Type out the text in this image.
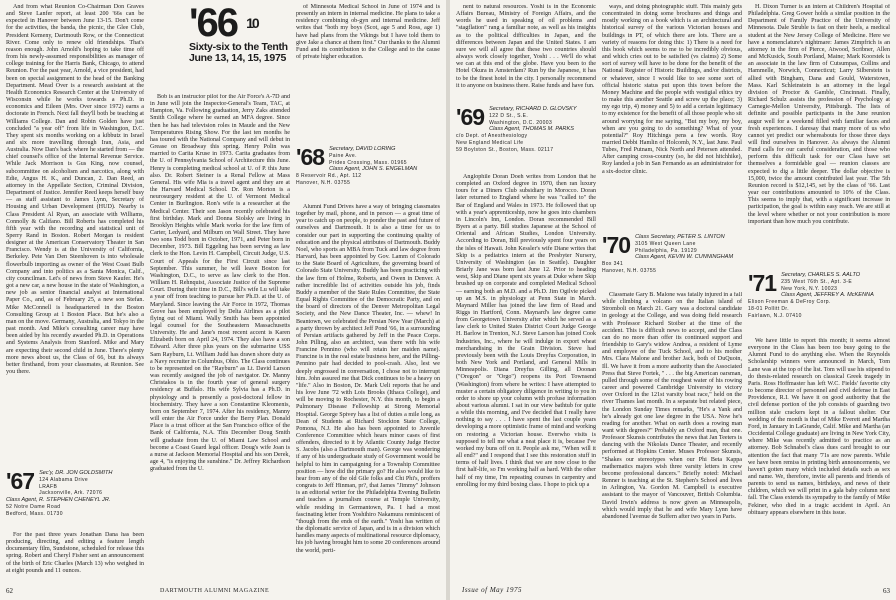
And from what Reunion Co-Chairman Don Graves and Steve Lanfer report, at least 200 '66s can be expected in Hanover between June 13-15. Don't come for the activities, the banda, the picnic, the Glee Club, President Kemeny, Dartmouth Row, or the Connecticut River. Come only to renew old friendships. That's reason enough. John Arnold's hoping to take time off from his newly-assumed responsibilities as manager of college training for the Harris Bank, Chicago, to attend Reunion. For the past year, Arnold, a vice president, had been on special assignment to the head of the Banking Department. Mead Over is a research assistant at the Health Economics Research Center at the University of Wisconsin while he works towards a Ph.D. in economics and Eileen (Mrs. Over since 1972) earns a doctorate in French. Next fall they'll both be teaching at Williams College. Dan and Robin Golden have just concluded "a year off" from life in Washington, D.C. They spent six months working on a kibbutz in Israel and six more travelling through Iran, Asia, and Australia. Now Dan's back where he started from — the chief counsel's office of the Internal Revenue Service. While Jack Morrison is Gus King, now counsel, subcommittee on alcoholism and narcotics, along with Edie, Angus H. K., and Duncan, 2. Dan Reed, an attorney in the Appellate Section, Criminal Division, Department of Justice. Jennifer Reed keeps herself busy — as staff assistant to James Lynn, Secretary of Housing and Urban Development (HUD). Nearby is Class President Al Ryan, an associate with Williams, Connolly & Califano. Bill Roberts has completed his fifth year with the recording and statistical unit of Sperry Rand in Boston. Robert Morgan is resident designer at the American Conservatory Theater in San Francisco. Wendy is at the University of California, Berkeley. Pete Van Den Steenhoven is into wholesale flowerbulb importing as owner of the West Coast Bulb Company and into politics as a Santa Monica, Calif., city councilman. Let's of news from Steve Kaufer. He's got a new car, a new house in the state of Washington, a new job as senior financial analyst at International Paper Co., and, as of February 25, a new son Stefan. Mike McConnell is headquartered in the Boston Consulting Group at 1 Boston Place. But he's also a man on the move. Germany, Australia, and Tokyo in the past month. And Mike's consulting career may have been aided by his recently awarded Ph.D. in Operations and Systems Analysis from Stanford. Mike and Mary are expecting their second child in June. There's plenty more news about us, the Class of 66, but its always better firsthand, from your classmates, at Reunion. See you there.

'67 Sec'y, DR. JON GOLDSMITH
124 Alabama Drive
LRAFB
Jacksonville, Ark. 72076
Class Agent, R. STEPHEN CHENEYL JR.
52 Notre Dame Road
Bedford, Mass. 01730

For the past three years Jonathan Dana has been producing, directing, and editing a feature length documentary film, Sundstone, scheduled for release this spring. Robert and Cheryl Fisher sent an announcement of the birth of Eric Charles (March 13) who weighed in at eight pounds and 11 ounces.

'66 10
Sixty-six to the Tenth
June 13, 14, 15, 1975

Bob is an instructor pilot for the Air Force's A-7D and in June will join the Inspector-General's Team, TAC, at Hampton, Va. Following graduation, Jerry Zaks attended Smith College where he earned an MFA degree. Since then he has had television roles in Maude and the New Temperatures Rising Show. For the last ten months he has toured with the National Company and will debut in Grease on Broadway this spring. Henry Polin was married to Carita Kruse in 1973. Carita graduates from the U. of Pennsylvania School of Architecture this June. Henry is completing medical school at U. of P. this June also. Dr. Robert Steiner is a Renal Fellow at Mass General. His wife Mia is a travel agent and they are at the Harvard Medical School. Dr. Ron Morton is a neurosurgery resident at the U. of Vermont Medical Center in Burlington. Ron's wife is a researcher at the Medical Center. Their son Jason recently celebrated his first birthday. Mark and Donna Siolsky are living in Brooklyn Heights while Mark works for the law firm of Carter, Ledyard, and Milburn on Wall Street. They have two sons Todd born in October, 1971, and Peter born in December, 1973. Bill Eggeling has been serving as law clerk to the Hon. Levin H. Campbell, Circuit Judge, U.S. Court of Appeals for the First Circuit since last September. This summer, he will leave Boston for Washington, D.C., to serve as law clerk to the Hon. William H. Rehnquist, Associate Justice of the Supreme Court. During their time in D.C., Bill's wife Lu will take a year off from teaching to pursue her Ph.D. at the U. of Maryland. Since leaving the Air Force in 1972, Thomas Grove has been employed by Delta Airlines as a pilot flying out of Miami. Wally Smith has been appointed legal counsel for the Southeastern Massachusetts University. He and Jane's most recent accent is Karen Elizabeth born on April 24, 1974. They also have a son Edward. After three plus years on the submarine USS Sam Rayburn, Lt. William Judd has drawn shore duty as a Navy recruiter in Columbus, Ohio. The Class continues to be represented on the "Rayburn" as Lt. David Larson was recently assigned the job of navigator. Dr. Manny Christakos is in the fourth year of general surgery residency at Buffalo. His wife Sylvia has a Ph.D. in physiology and is presently a post-doctoral fellow in biochemistry. They have a son Constantine Kleomenis, born on September 7, 1974. After his residency, Manny will enter the Air Force under the Berry Plan. Donald Place is a trust officer at the San Francisco office of the Bank of California, N.A. This December Doug Smith will graduate from the U. of Miami Law School and become a Coast Guard legal officer. Doug's wife Joan is a nurse at Jackson Memorial Hospital and his son Derek, age 4, "is enjoying the sunshine." Dr. Jeffrey Richardson graduated from the U.

of Minnesota Medical School in June of 1974 and is presently an intern in internal medicine. He plans to take a residency combining ob-gyn and internal medicine. Jeff writes that "both my boys (Scot, age 5 and Ross, age 1) have had plans from the Vikings but I have told them to give Jake a chance at them first." Our thanks to the Alumni Fund and its contribution to the College and to the cause of private higher education.

'68 Secretary, DAVID LORING
Paine Ave.
Prides Crossing, Mass. 01965
Class Agent, JOHN S. ENGELMAN
8 Reservoir Rd., Apt. 112
Hanover, N.H. 03755

Alumni Fund Drives have a way of bringing classmates together by mail, phone, and in person — a great time of year to catch up on people, to ponder the past and future of ourselves and Dartmouth. It is also a time for us to consider our part in supporting the continuing quality of education and the physical attributes of Dartmouth. Buddy Noel, who sports an MBA from Tuck and law degree from Harvard, has been appointed by Gov. Lamm of Colorado to the State Board of Agriculture, the governing board of Colorado State University. Buddy has been practicing with the law firm of Holme, Roberts, and Owen in Denver. A rather incredible list of activities outside his job, finds Buddy a member of the State Rules Committee, the State Equal Rights Committee of the Democratic Party, and on the board of directors of the Denver Metropolitan Legal Society, and the New Dance Theater, Inc. — whew! In Beantown, we celebrated the Persian New Year (March) at a party thrown by architect Jeff Pond '66, in a surrounding of Persian artifacts gathered by Jeff in the Peace Corps. John Pilling, also an architect, was there with his wife Francine Pennino (who will retain her maiden name). Francine is in the real estate business here, and the Pilling-Pennino pair had decided to pool-crash. Also, lest we deeply engrossed in conversation, I chose not to interrupt him. John assured me that Dick continues to be a heavy on "life." Also in Boston, Dr. Mark Ueli reports that he and his love June '72 with Lois Brooks (Ithaca College), and will be moving to Rochester, N.Y. this month, to begin a Pulmonary Disease Fellowship at Strong Memorial Hospital. George Spivey has a list of duties a mile long, as Dean of Students at Richard Stockton State College, Pomona, N.J. He also has been appointed to Juvenile Conference Committee which hears minor cases of first offenders, directed to it by Atlantic County Judge Hector S. Jacobs (also a Dartmouth man). George was wondering if any of his undergraduate study of Government would be helpful to him in campaigning for a Township Committee position — how did the primary go? He also would like to hear from any of the old Gile folks and Chi Phi's, proffers congrats to Jeff Hinman, pr?, that James "Jimmy" Johnson is an editorial writer for the Philadelphia Evening Bulletin and teaches a journalism course at Temple University, while residing in Germantown, Pa. I had a most fascinating letter from Yoshihiro Nakamura reminiscent of "though from the ends of the earth." Yoshi has written of the diplomatic service of Japan, and is in a division which handles many aspects of multinational resource diplomacy, his job having brought him to some 20 conferences around the world, perti-

62	DARTMOUTH ALUMNI MAGAZINE

nent to natural resources. Yoshi is in the Economic Affairs Bureau, Ministry of Foreign Affairs, and the words he used in speaking of oil problems and "stagflation" rang a familiar note, as well as his insights as to the political difficulties in Japan, and the differences between Japan and the United States. I am sure we will all agree that these two countries should always work closely together, Yoshi . . . We'll do what we can at this end of the globe. Have you been to the Hotel Okura in Amsterdam? Run by the Japanese, it has to be the finest hotel in the city. I personally recommend it to anyone on business there. Raise funds and have fun.

'69 Secretary, RICHARD D. GLOVSKY
122 D St., S.E.
Washington, D.C. 20003
Class Agent, THOMAS M. PARKS
c/o Dept. of Anesthesiology
New England Medical Life
59 Boylston St., Boston, Mass. 02117

Anglophile Doran Doeh writes from London that he completed an Oxford degree in 1970, then ran luxury tours for a Diners Club subsidiary in Morocco. Doran later returned to England where he was "called to" the Bar of England and Wales in 1973. He followed that up with a year's apprenticeship, now he goes into chambers in Lincoln's Inn, London. Doran recommended Bill Byers at a party. Bill studies Japanese at the School of Oriental and African Studies, London University. According to Doran, Bill previously spent four years on the isles of Hawaii. John Kessler's wife Diane writes that Skip is a pediatrics intern at the Presbyter Nursery, University of Washington (as in Seattle). Daughter Briarly Jane was born last June 12. Prior to heading west, Skip and Diane spent six years at Duke where Skip brushed up on corporate and completed Medical School — earning both an M.D. and a Ph.D. Jim Ogilvie picked up an M.S. in physiology at Penn State in March. Maynard Miller has joined the law firm of Read and Riggs in Hartford, Conn. Maynard's law degree came from Georgetown University after which he served as a law clerk to United States District Court Judge George H. Barlow in Trenton, N.J. Steve Larson has joined Cook Industries, Inc., where he will indulge in export wheat merchandising in the Grain Division. Steve had previously been with the Louis Dreyfus Corporation, in both New York and Portland, and General Mills in Minneapolis. Diana Dreyfus Gilling, all Doonan ("Oregon" or "Orgo") reopens its Port Townsend (Washington) from where he writes: I have attempted to muster a certain obligatory diligence in writing to you in order to shore up your column with profuse information about various alumni. I sat in our view bathtub for quite a while this morning, and I've decided that I really have nothing to say . . . I have spent the last couple years developing a more optimistic frame of mind and working on restoring a Victorian house. Everwho visits is supposed to tell me what a neat place it is, because I've worked my buns off on it. People ask me, "When will it all end?" and I respond that I see this restoration stuff in terms of half lives. I think that we are now close to the first half-life, so I'm working half as hard. With the other half of my time, I'm repeating courses in carpentry and enrolling for my third boxing class. I hope to pick up a

ways, and doing photographic stuff. This mainly gets concentrated in doing some brochures and things and mostly working on a book which is an architectural and historical survey of the various Victorian houses and buildings in PT, of which there are lots. There are a variety of reasons for doing this: 1) There is a need for this book which seems to me to be incredibly obvious, and which cries out to be satisfied (vs claims) 2) Some sort of survey will have to be done for the benefit of the National Register of Historic Buildings, and/or districts, or whatever, since I would like to see some sort of official historic status put upon this town before the Money Machine and the people with vestigial ethics try to make this another Seattle and screw up the place; 3) my ego trip, 4) money and 5) to add a certain legitimacy to my existence for the benefit of all those people who sit around worrying for me saying, "But my boy, my boy, when are you going to do something? What of your potential?" Roy Hitchings pens a few words. Roy married Debbi Hamlin of Holcomb, N.Y., last June. Paul Tubes, Fred Putnam, Nick North and Petersen attended. After camping cross-country (so, he did not hitchhike), Roy landed a job in San Fernando as an administrator for a six-doctor clinic.

'70 Class Secretary, PETER S. LINTON
3105 West Queen Lane
Philadelphia, Pa. 19129
Class Agent, KEVIN W. CUNNINGHAM
Box 341
Hanover, N.H. 03755

Classmate Gary B. Malone was fatally injured in a fall while climbing a volcano on the Italian island of Stromboli on March 21. Gary was a doctoral candidate in geology at the College, and was doing field research with Professor Richard Stoiber at the time of the accident. This is difficult news to accept, and the Class can do no more than offer its continued support and friendship to Gary's widow Andrea, a resident of Lyme and employee of the Tuck School, and to his mother Mrs. Clara Malone and brother Jack, both of DuQuoin, Ill. We have it from a more authority than the Associated Press that Steve Fortek, '' . . . the big American oarsman, pulled through some of the roughest water of his rowing career and powered Cambridge University to victory over Oxford in the 121st varsity boat race," held on the river Thames last month. In a separate but related piece, the London Sunday Times remarks, "He's a Yank and he's already got one law degree in the USA. Now he's reading for another. What on earth does a rowing man want with degrees?" Probably an Oxford man, that one. Professor Skunsis contributes the news that Jan Teeters is dancing with the Nikolais Dance Theater, and recently performed at Hopkins Center. Muses Professor Skunsis, "Shakes our stereotypes when our Phi Beta Kappa mathematics majors wish three varsity letters in crew become professional dancers." Briefly noted: Michael Renner is teaching at the St. Stephen's School and lives in Arlington, Va. Gordon M. Campbell is executive assistant to the mayor of Vancouver, British Columbia. David Irwin's address is now given as Minneapolis, which would imply that he and wife Mary Lynn have abandoned l'avenue de Suffern after two years in Paris.

H. Dixon Turner is an intern at Children's Hospital of Philadelphia. Greg Gower holds a similar position in the Department of Family Practice of the University of Minnesota. Dale Struble is fast on their heels, a medical student at the New Jersey College of Medicine. Here we have a nomenclature's nightmare: James Zimpfrich is an attorney in the firm of Pierce, Atwood, Scribner, Allen and McKusick, South Portland, Maine; Mark Koorstek is an associate in the law firm of Cutsumpas, Collins and Hammelle, Norwich, Connecticut; Larry Silberstein is allied with Bingham, Dana and Gould, Waterstown, Mass. Karl Schleinstein is an attorney in the legal division of Proctor & Gamble, Cincinnati. Finally, Richard Schulz assists the profession of Psychology at Carnegie-Mellon University, Pittsburgh. The lists of definite and possible participants in the June reunion augur well for a weekend filled with familiar faces and fresh experiences. I daresay that many more of us who cannot yet predict our whereabouts for those three days will find ourselves in Hanover. As always the Alumni Fund calls for our careful consideration, and those who perform this difficult task for our Class have set themselves a formidable goal — reunion classes are expected to dig a little deeper. The dollar objective is 15,000, twice the amount contributed last year. The 5th Reunion record is $12,145, set by the class of '66. Last year our contributions amounted to 10% of the Class. This seems to imply that, with a significant increase in participation, the goal is within easy reach. We are still at the level where whether or not your contribution is more important than how much you contribute.

'71 Secretary, CHARLES S. AALTO
235 West 76th St., Apt. 3-E
New York, N.Y. 10023
Class Agent, JEFFREY A. McKENNA
Elison Freeman & DeFroy Corp.
18-01 Pollitt Dr.
Fairlawn, N.J. 07410

We have little to report this month; it seems almost everyone in the Class has been too busy going to the Alumni Fund to do anything else. When the Reynolds Scholarship winners were announced in March, Tom Lane was at the top of the list. Tom will use his stipend to do thesis-related research on classical Greek tragedy in Paris. Ross Hoffmaster has left W.C. Fields' favorite city to become director of personnel and civil defense in East Providence, R.I. We have it on good authority that the civil defense portion of the job consists of guarding two million stale crackers kept in a fallout shelter. Our wedding of the month is that of Mike Everett and Martha Ford, in January in LaGrande, Calif. Mike and Martha (an Occidental College graduate) are living in New York City, where Mike was recently admitted to practice as an attorney. Bob Schnabel's class dues card brought to our attention the fact that many '71s are now parents. While we have been remiss in printing birth announcements, we haven't gotten many which included details such as sex and name. We, therefore, invite all parents and friends of parents to send us names, birthdays, and news of their children, which we will print in a gala baby column next fall. The Class extends its sympathy to the family of Mike Fekiner, who died in a tragic accident in April. An obituary appears elsewhere in this issue.

Issue of May 1975	63
